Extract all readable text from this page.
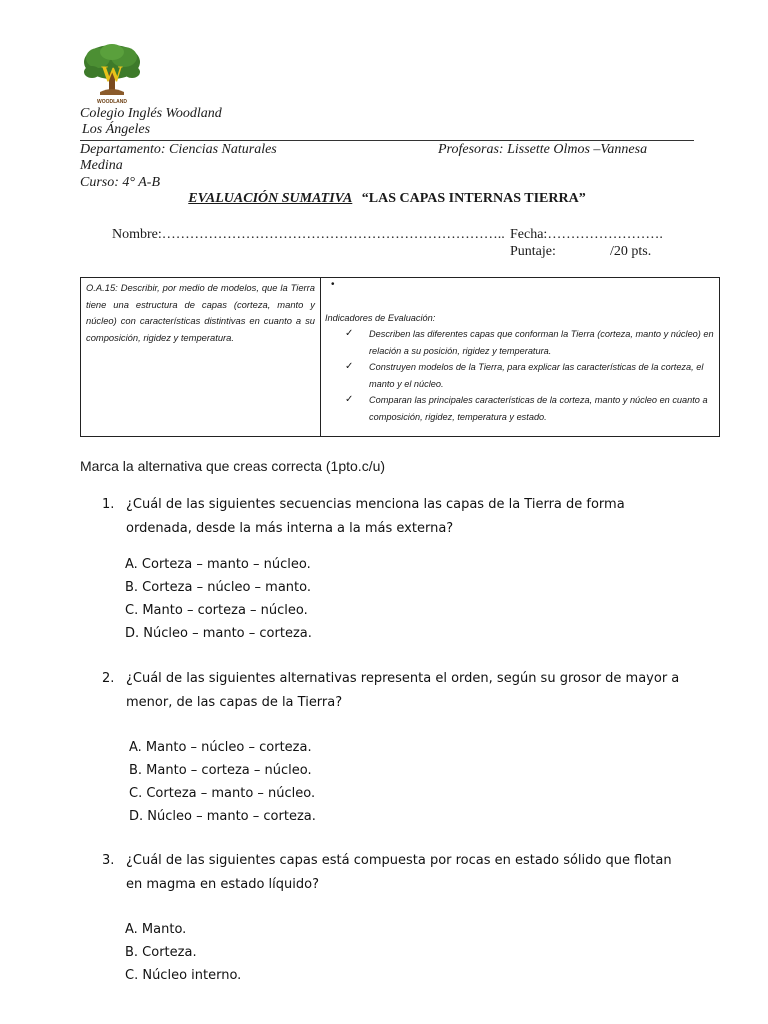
W
WOODLAND
Colegio Inglés Woodland
Los Ángeles
Departamento: Ciencias Naturales Medina
Profesoras: Lissette Olmos –Vannesa
Curso: 4° A-B
EVALUACIÓN SUMATIVA “LAS CAPAS INTERNAS TIERRA”
Nombre:……………………………………………………………….. Fecha:…………………….
Puntaje:	/20 pts.
O.A.15: Describir, por medio de modelos, que la Tierra tiene una estructura de capas (corteza, manto y núcleo) con características distintivas en cuanto a su composición, rigidez y temperatura.
•
Indicadores de Evaluación:
✓ Describen las diferentes capas que conforman la Tierra (corteza, manto y núcleo) en relación a su posición, rigidez y temperatura.
✓ Construyen modelos de la Tierra, para explicar las características de la corteza, el manto y el núcleo.
✓ Comparan las principales características de la corteza, manto y núcleo en cuanto a composición, rigidez, temperatura y estado.
Marca la alternativa que creas correcta (1pto.c/u)
1. ¿Cuál de las siguientes secuencias menciona las capas de la Tierra de forma ordenada, desde la más interna a la más externa?
A. Corteza – manto – núcleo.
B. Corteza – núcleo – manto.
C. Manto – corteza – núcleo.
D. Núcleo – manto – corteza.
2. ¿Cuál de las siguientes alternativas representa el orden, según su grosor de mayor a menor, de las capas de la Tierra?
A. Manto – núcleo – corteza.
B. Manto – corteza – núcleo.
C. Corteza – manto – núcleo.
D. Núcleo – manto – corteza.
3. ¿Cuál de las siguientes capas está compuesta por rocas en estado sólido que flotan en magma en estado líquido?
A. Manto.
B. Corteza.
C. Núcleo interno.
